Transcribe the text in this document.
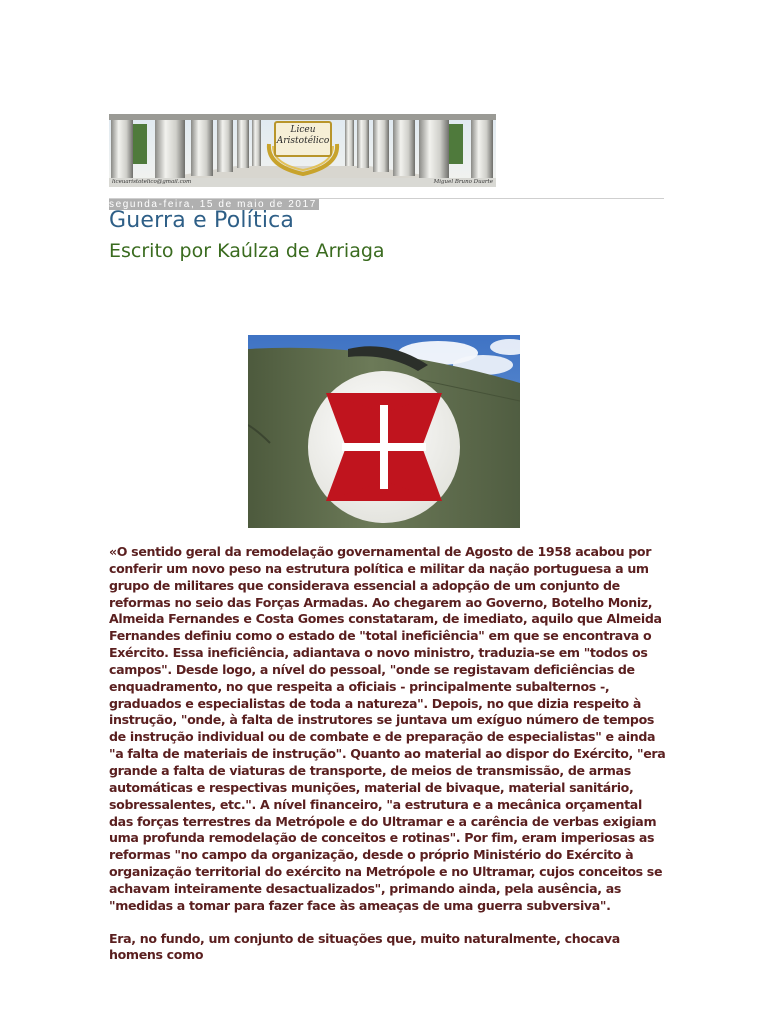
Liceu
Aristotélico
liceuaristotelico@gmail.com	Miguel Bruno Duarte
segunda-feira, 15 de maio de 2017
Guerra e Política
Escrito por Kaúlza de Arriaga

«O sentido geral da remodelação governamental de Agosto de 1958 acabou por conferir um novo peso na estrutura política e militar da nação portuguesa a um grupo de militares que considerava essencial a adopção de um conjunto de reformas no seio das Forças Armadas. Ao chegarem ao Governo, Botelho Moniz, Almeida Fernandes e Costa Gomes constataram, de imediato, aquilo que Almeida Fernandes definiu como o estado de "total ineficiência" em que se encontrava o Exército. Essa ineficiência, adiantava o novo ministro, traduzia-se em "todos os campos". Desde logo, a nível do pessoal, "onde se registavam deficiências de enquadramento, no que respeita a oficiais - principalmente subalternos -, graduados e especialistas de toda a natureza". Depois, no que dizia respeito à instrução, "onde, à falta de instrutores se juntava um exíguo número de tempos de instrução individual ou de combate e de preparação de especialistas" e ainda "a falta de materiais de instrução". Quanto ao material ao dispor do Exército, "era grande a falta de viaturas de transporte, de meios de transmissão, de armas automáticas e respectivas munições, material de bivaque, material sanitário, sobressalentes, etc.". A nível financeiro, "a estrutura e a mecânica orçamental das forças terrestres da Metrópole e do Ultramar e a carência de verbas exigiam uma profunda remodelação de conceitos e rotinas". Por fim, eram imperiosas as reformas "no campo da organização, desde o próprio Ministério do Exército à organização territorial do exército na Metrópole e no Ultramar, cujos conceitos se achavam inteiramente desactualizados", primando ainda, pela ausência, as "medidas a tomar para fazer face às ameaças de uma guerra subversiva".

Era, no fundo, um conjunto de situações que, muito naturalmente, chocava homens como
